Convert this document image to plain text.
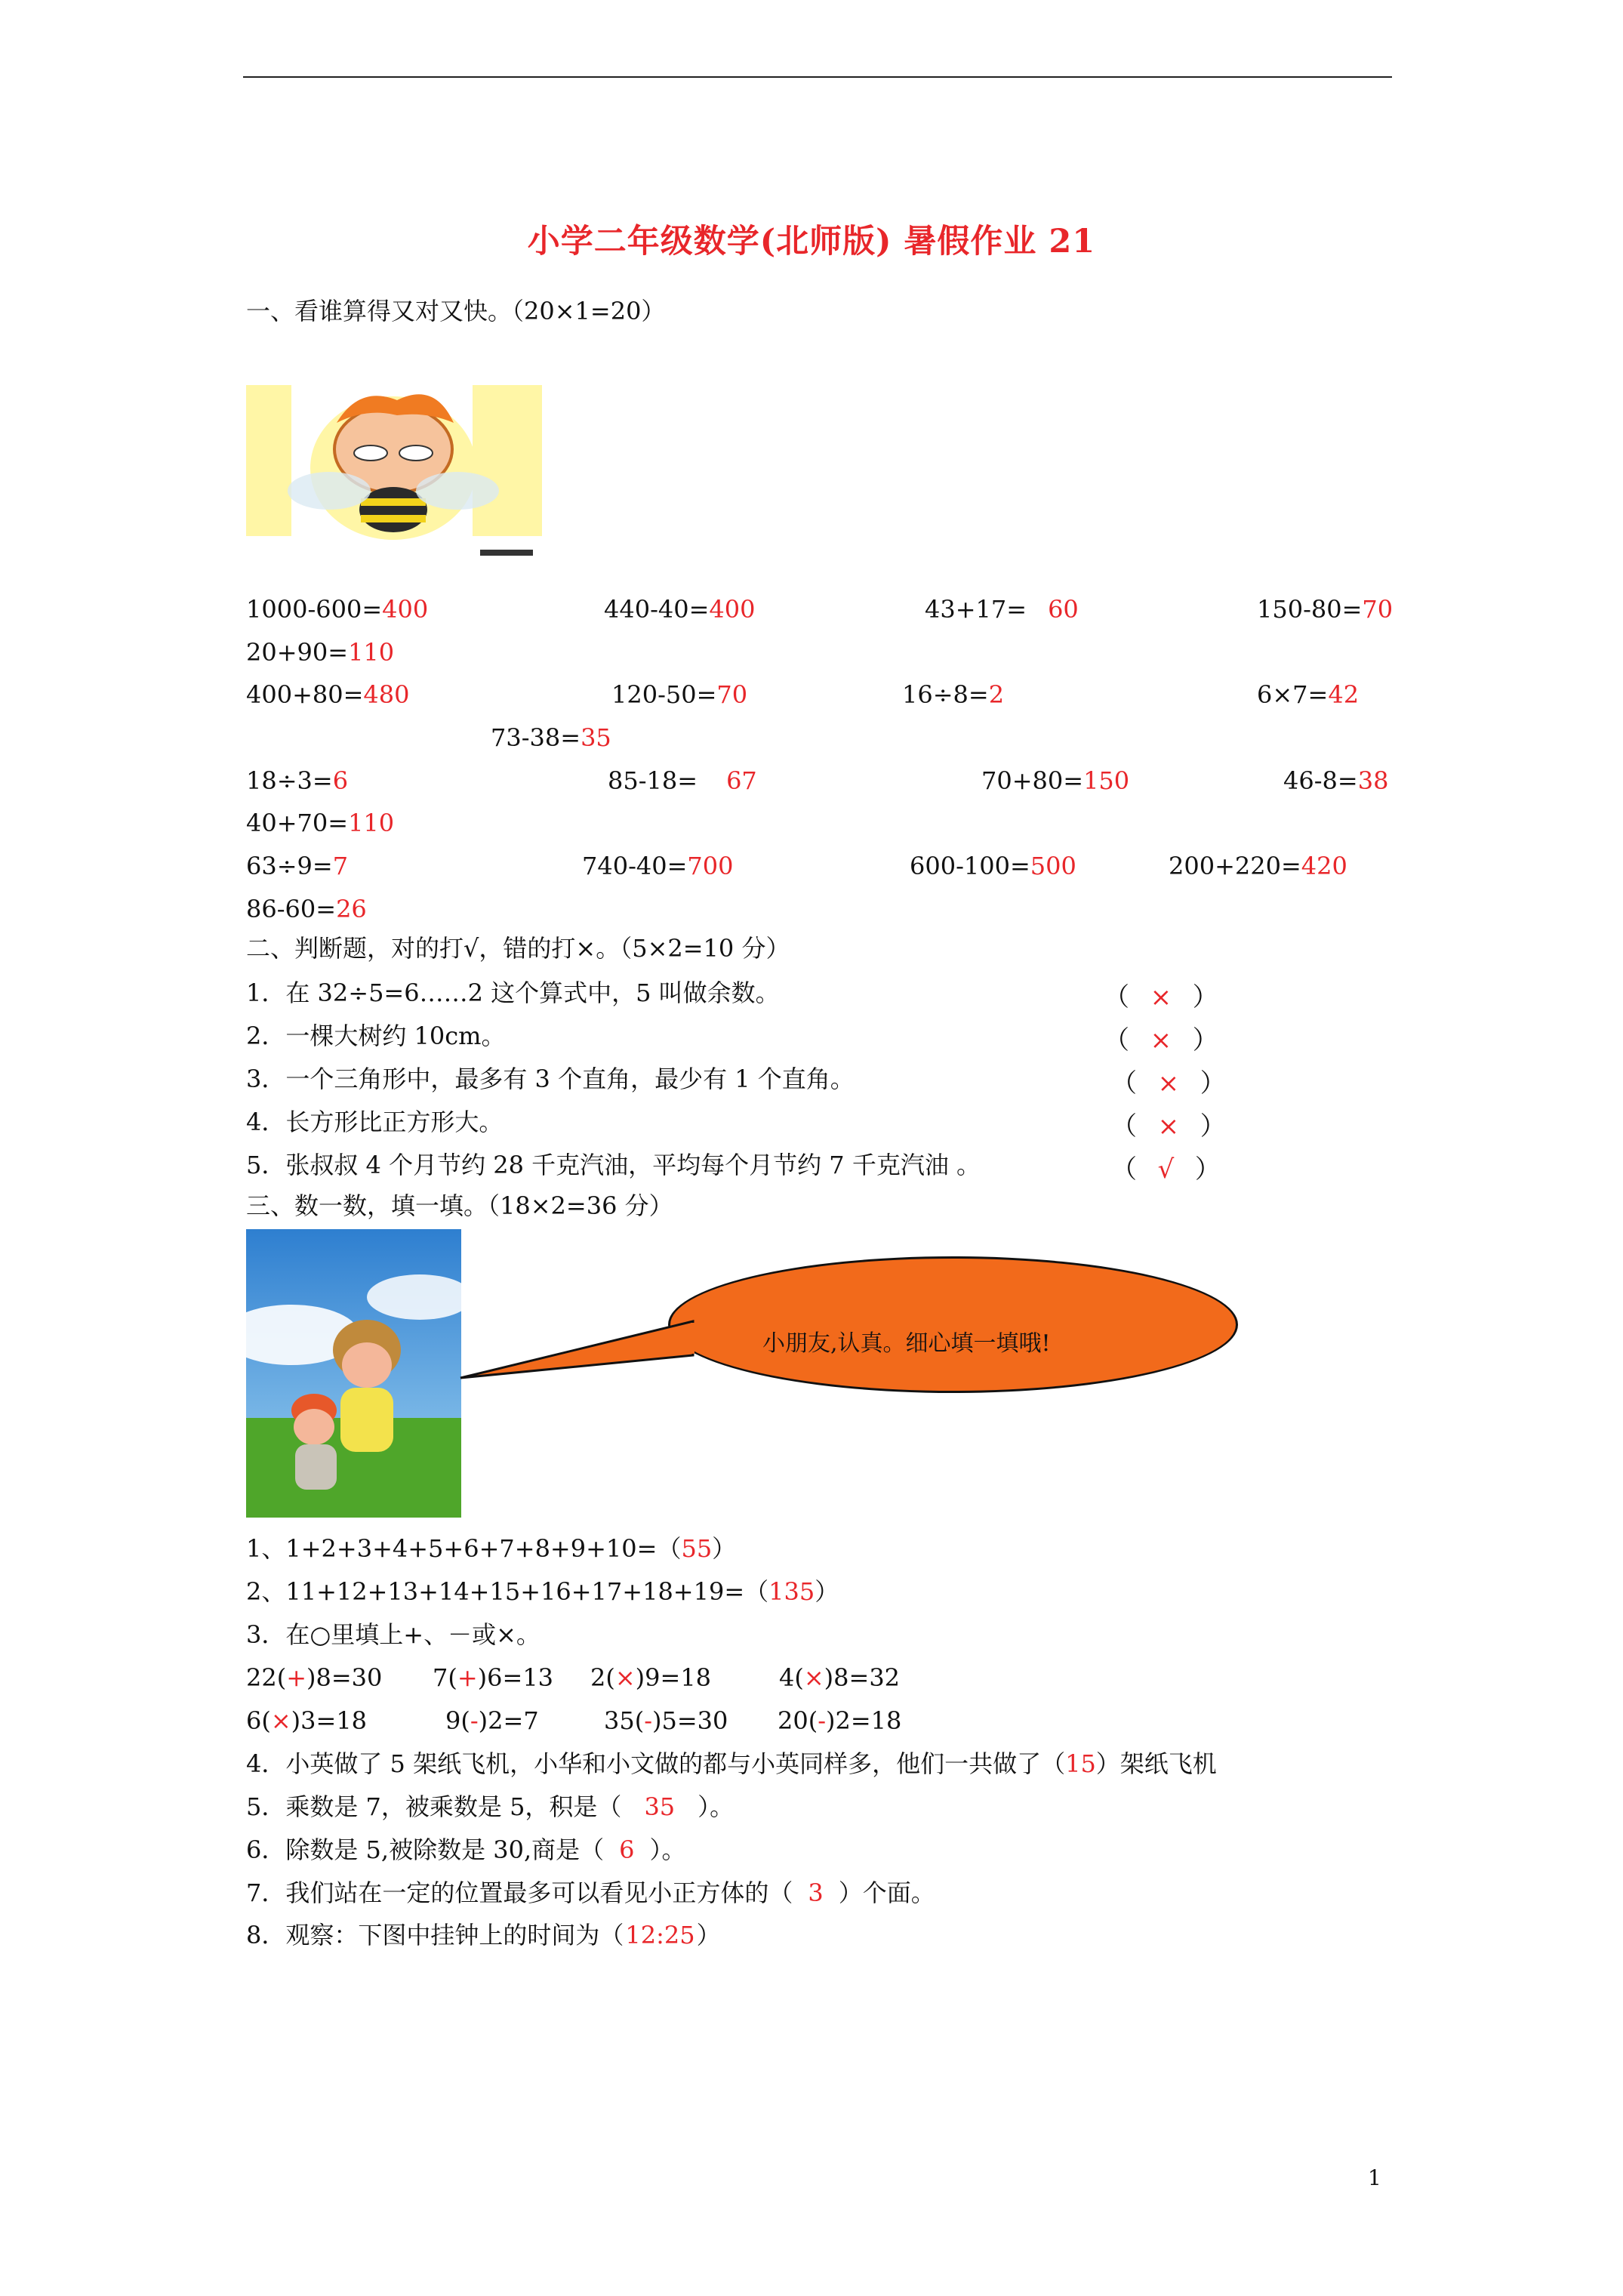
小学二年级数学(北师版) 暑假作业 21
一、看谁算得又对又快。（20×1=20）
1000-600=400	440-40=400	43+17= 60	150-80=70
20+90=110
400+80=480	120-50=70	16÷8=2	6×7=42
73-38=35
18÷3=6	85-18= 67	70+80=150	46-8=38
40+70=110
63÷9=7	740-40=700	600-100=500	200+220=420
86-60=26
二、判断题，对的打√，错的打×。（5×2=10 分）
1．在 32÷5=6……2 这个算式中，5 叫做余数。	（  ×  ）
2．一棵大树约 10cm。	（  ×  ）
3．一个三角形中，最多有 3 个直角，最少有 1 个直角。	（  ×  ）
4．长方形比正方形大。	（  ×  ）
5．张叔叔 4 个月节约 28 千克汽油，平均每个月节约 7 千克汽油 。	（  √  ）
三、数一数，填一填。（18×2=36 分）
小朋友,认真。细心填一填哦!
1、1+2+3+4+5+6+7+8+9+10=（55）
2、11+12+13+14+15+16+17+18+19=（135）
3．在○里填上+、－或×。
22(+)8=30 7(+)6=13 2(×)9=18	4(×)8=32
6(×)3=18	9(-)2=7	35(-)5=30 20(-)2=18
4．小英做了 5 架纸飞机，小华和小文做的都与小英同样多，他们一共做了（15）架纸飞机
5．乘数是 7，被乘数是 5，积是（ 35 ）。
6．除数是 5,被除数是 30,商是（ 6 ）。
7．我们站在一定的位置最多可以看见小正方体的（ 3 ）个面。
8．观察：下图中挂钟上的时间为（12:25）
1
